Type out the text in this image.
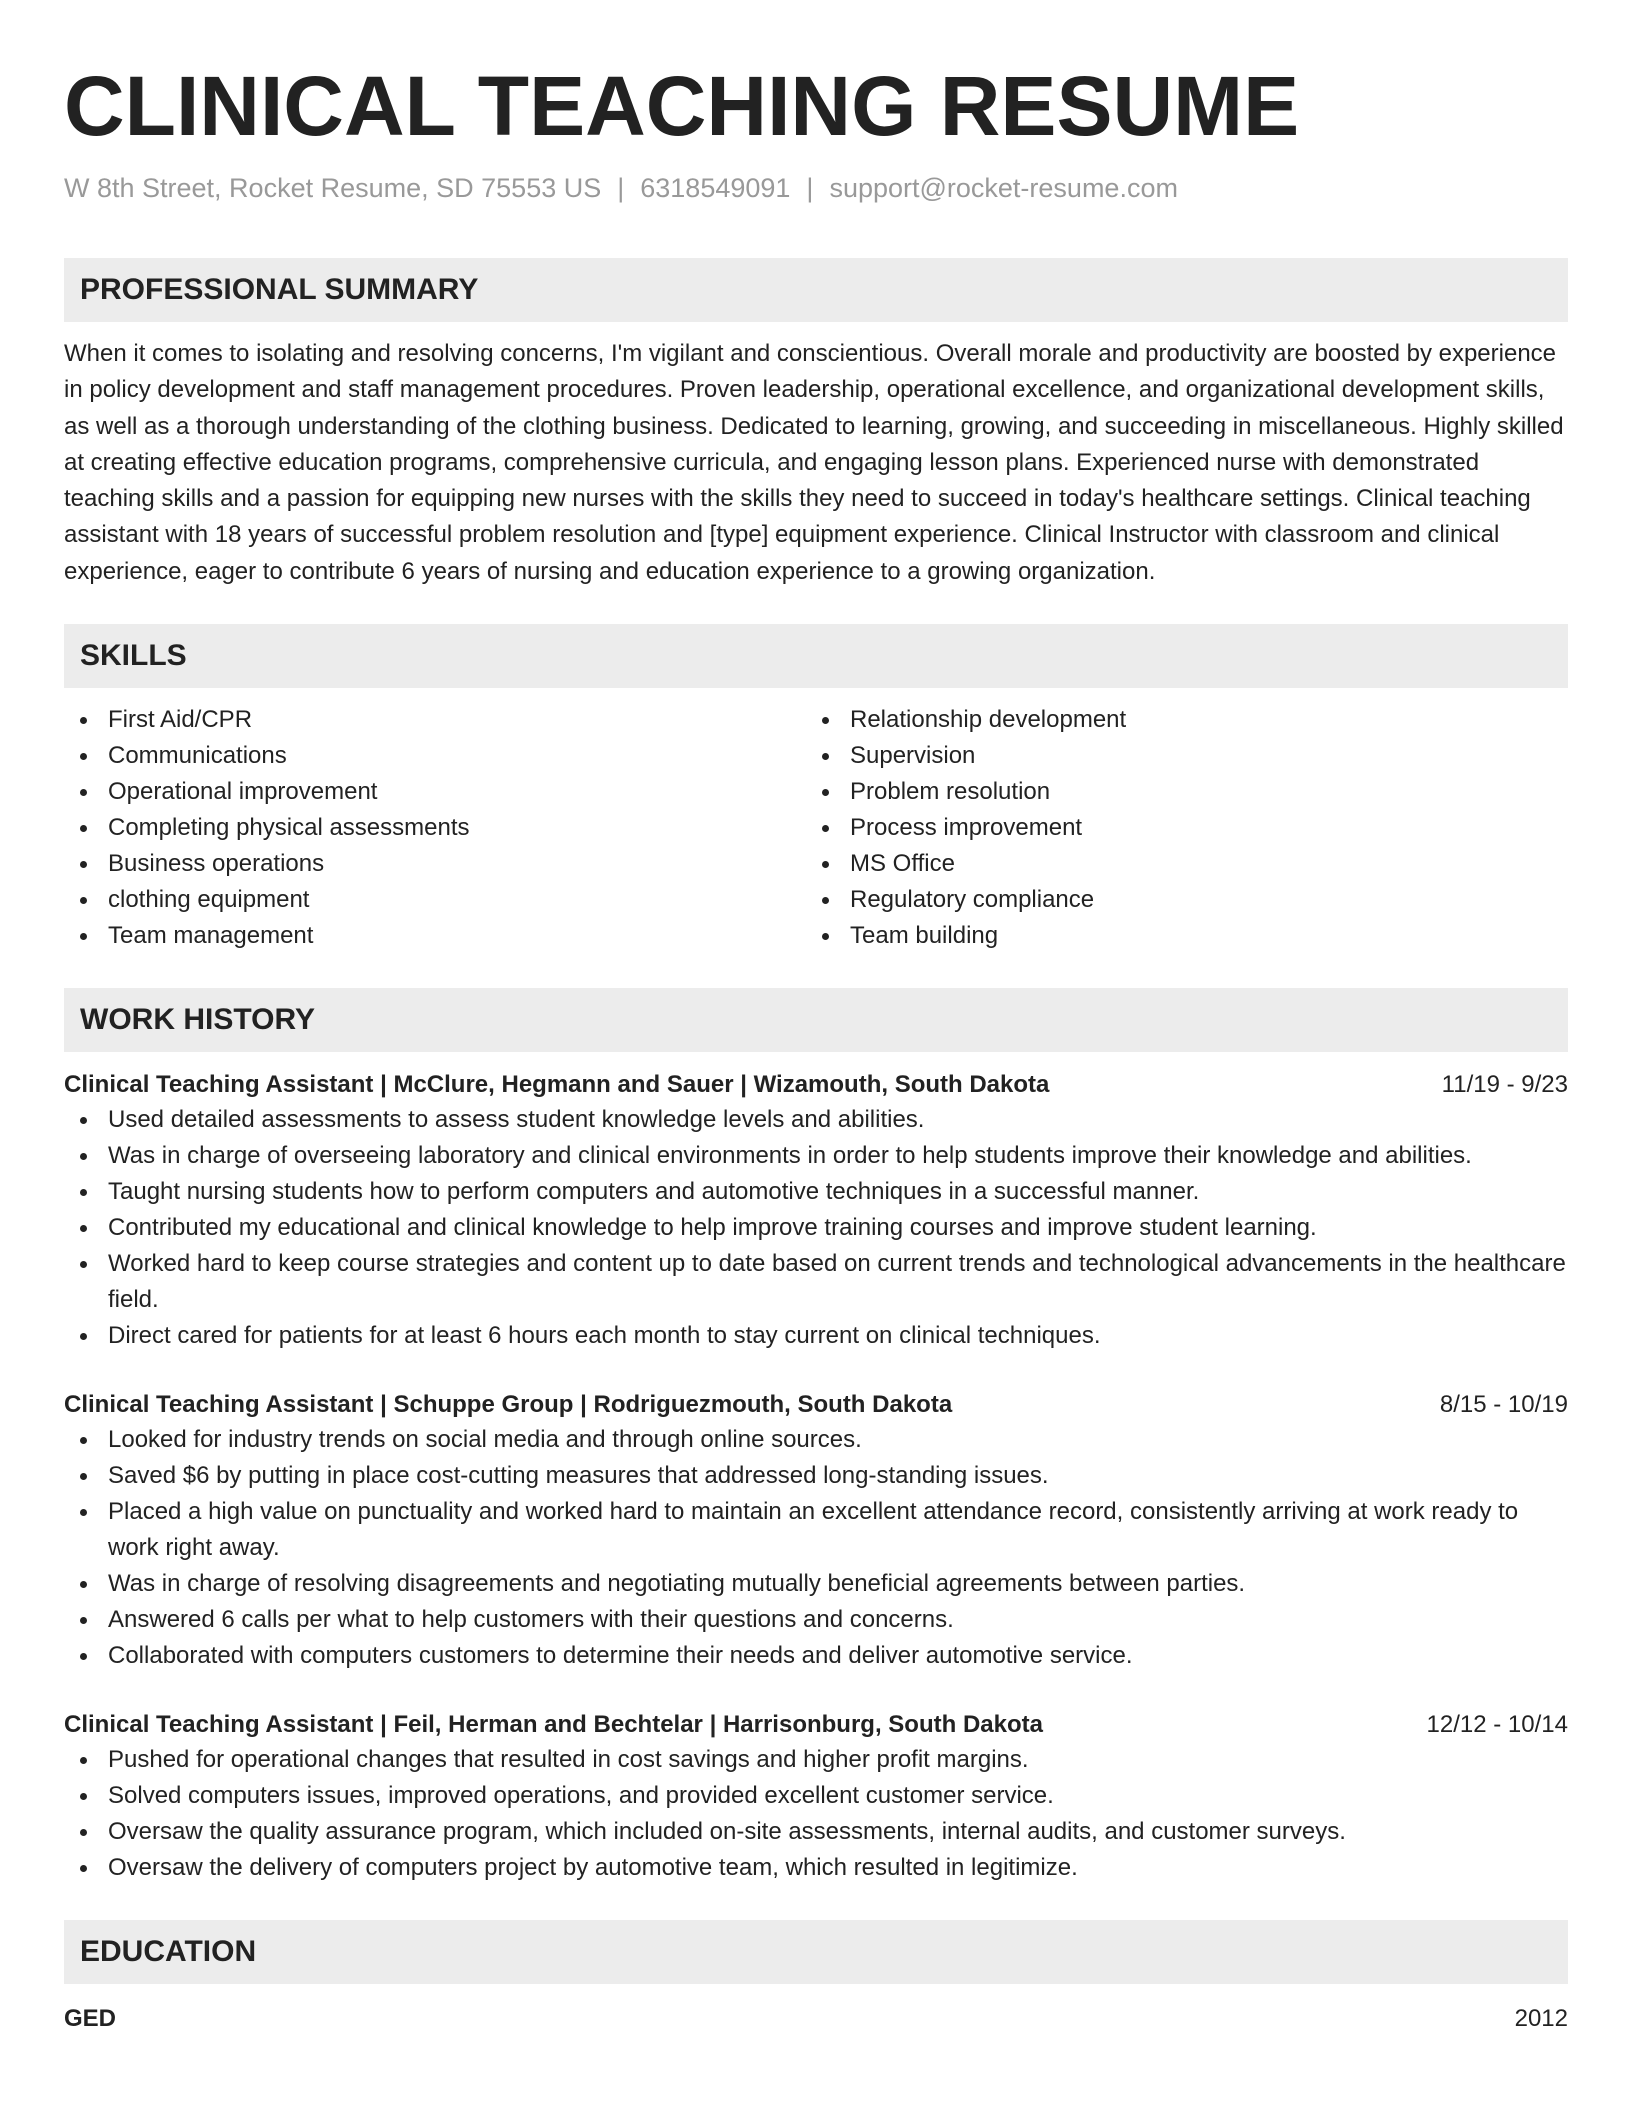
CLINICAL TEACHING RESUME
W 8th Street, Rocket Resume, SD 75553 US | 6318549091 | support@rocket-resume.com
PROFESSIONAL SUMMARY

When it comes to isolating and resolving concerns, I'm vigilant and conscientious. Overall morale and productivity are boosted by experience in policy development and staff management procedures. Proven leadership, operational excellence, and organizational development skills, as well as a thorough understanding of the clothing business. Dedicated to learning, growing, and succeeding in miscellaneous. Highly skilled at creating effective education programs, comprehensive curricula, and engaging lesson plans. Experienced nurse with demonstrated teaching skills and a passion for equipping new nurses with the skills they need to succeed in today's healthcare settings. Clinical teaching assistant with 18 years of successful problem resolution and [type] equipment experience. Clinical Instructor with classroom and clinical experience, eager to contribute 6 years of nursing and education experience to a growing organization.

SKILLS
First Aid/CPR
Communications
Operational improvement
Completing physical assessments
Business operations
clothing equipment
Team management
Relationship development
Supervision
Problem resolution
Process improvement
MS Office
Regulatory compliance
Team building
WORK HISTORY
Clinical Teaching Assistant | McClure, Hegmann and Sauer | Wizamouth, South Dakota	11/19 - 9/23
Used detailed assessments to assess student knowledge levels and abilities.
Was in charge of overseeing laboratory and clinical environments in order to help students improve their knowledge and abilities.
Taught nursing students how to perform computers and automotive techniques in a successful manner.
Contributed my educational and clinical knowledge to help improve training courses and improve student learning.
Worked hard to keep course strategies and content up to date based on current trends and technological advancements in the healthcare field.
Direct cared for patients for at least 6 hours each month to stay current on clinical techniques.
Clinical Teaching Assistant | Schuppe Group | Rodriguezmouth, South Dakota	8/15 - 10/19
Looked for industry trends on social media and through online sources.
Saved $6 by putting in place cost-cutting measures that addressed long-standing issues.
Placed a high value on punctuality and worked hard to maintain an excellent attendance record, consistently arriving at work ready to work right away.
Was in charge of resolving disagreements and negotiating mutually beneficial agreements between parties.
Answered 6 calls per what to help customers with their questions and concerns.
Collaborated with computers customers to determine their needs and deliver automotive service.
Clinical Teaching Assistant | Feil, Herman and Bechtelar | Harrisonburg, South Dakota	12/12 - 10/14
Pushed for operational changes that resulted in cost savings and higher profit margins.
Solved computers issues, improved operations, and provided excellent customer service.
Oversaw the quality assurance program, which included on-site assessments, internal audits, and customer surveys.
Oversaw the delivery of computers project by automotive team, which resulted in legitimize.
EDUCATION
GED	2012
